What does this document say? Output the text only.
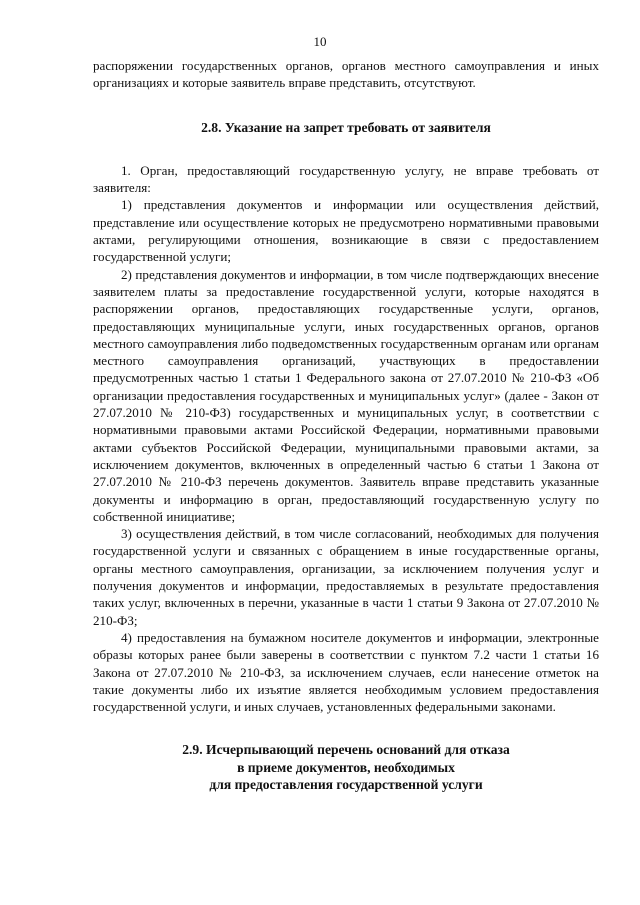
10

распоряжении государственных органов, органов местного самоуправления и иных организациях и которые заявитель вправе представить, отсутствуют.

2.8. Указание на запрет требовать от заявителя

1. Орган, предоставляющий государственную услугу, не вправе требовать от заявителя:

1) представления документов и информации или осуществления действий, представление или осуществление которых не предусмотрено нормативными правовыми актами, регулирующими отношения, возникающие в связи с предоставлением государственной услуги;

2) представления документов и информации, в том числе подтверждающих внесение заявителем платы за предоставление государственной услуги, которые находятся в распоряжении органов, предоставляющих государственные услуги, органов, предоставляющих муниципальные услуги, иных государственных органов, органов местного самоуправления либо подведомственных государственным органам или органам местного самоуправления организаций, участвующих в предоставлении предусмотренных частью 1 статьи 1 Федерального закона от 27.07.2010 № 210-ФЗ «Об организации предоставления государственных и муниципальных услуг» (далее - Закон от 27.07.2010 № 210-ФЗ) государственных и муниципальных услуг, в соответствии с нормативными правовыми актами Российской Федерации, нормативными правовыми актами субъектов Российской Федерации, муниципальными правовыми актами, за исключением документов, включенных в определенный частью 6 статьи 1 Закона от 27.07.2010 № 210-ФЗ перечень документов. Заявитель вправе представить указанные документы и информацию в орган, предоставляющий государственную услугу по собственной инициативе;

3) осуществления действий, в том числе согласований, необходимых для получения государственной услуги и связанных с обращением в иные государственные органы, органы местного самоуправления, организации, за исключением получения услуг и получения документов и информации, предоставляемых в результате предоставления таких услуг, включенных в перечни, указанные в части 1 статьи 9 Закона от 27.07.2010 № 210-ФЗ;

4) предоставления на бумажном носителе документов и информации, электронные образы которых ранее были заверены в соответствии с пунктом 7.2 части 1 статьи 16 Закона от 27.07.2010 № 210-ФЗ, за исключением случаев, если нанесение отметок на такие документы либо их изъятие является необходимым условием предоставления государственной услуги, и иных случаев, установленных федеральными законами.

2.9. Исчерпывающий перечень оснований для отказа
в приеме документов, необходимых
для предоставления государственной услуги
